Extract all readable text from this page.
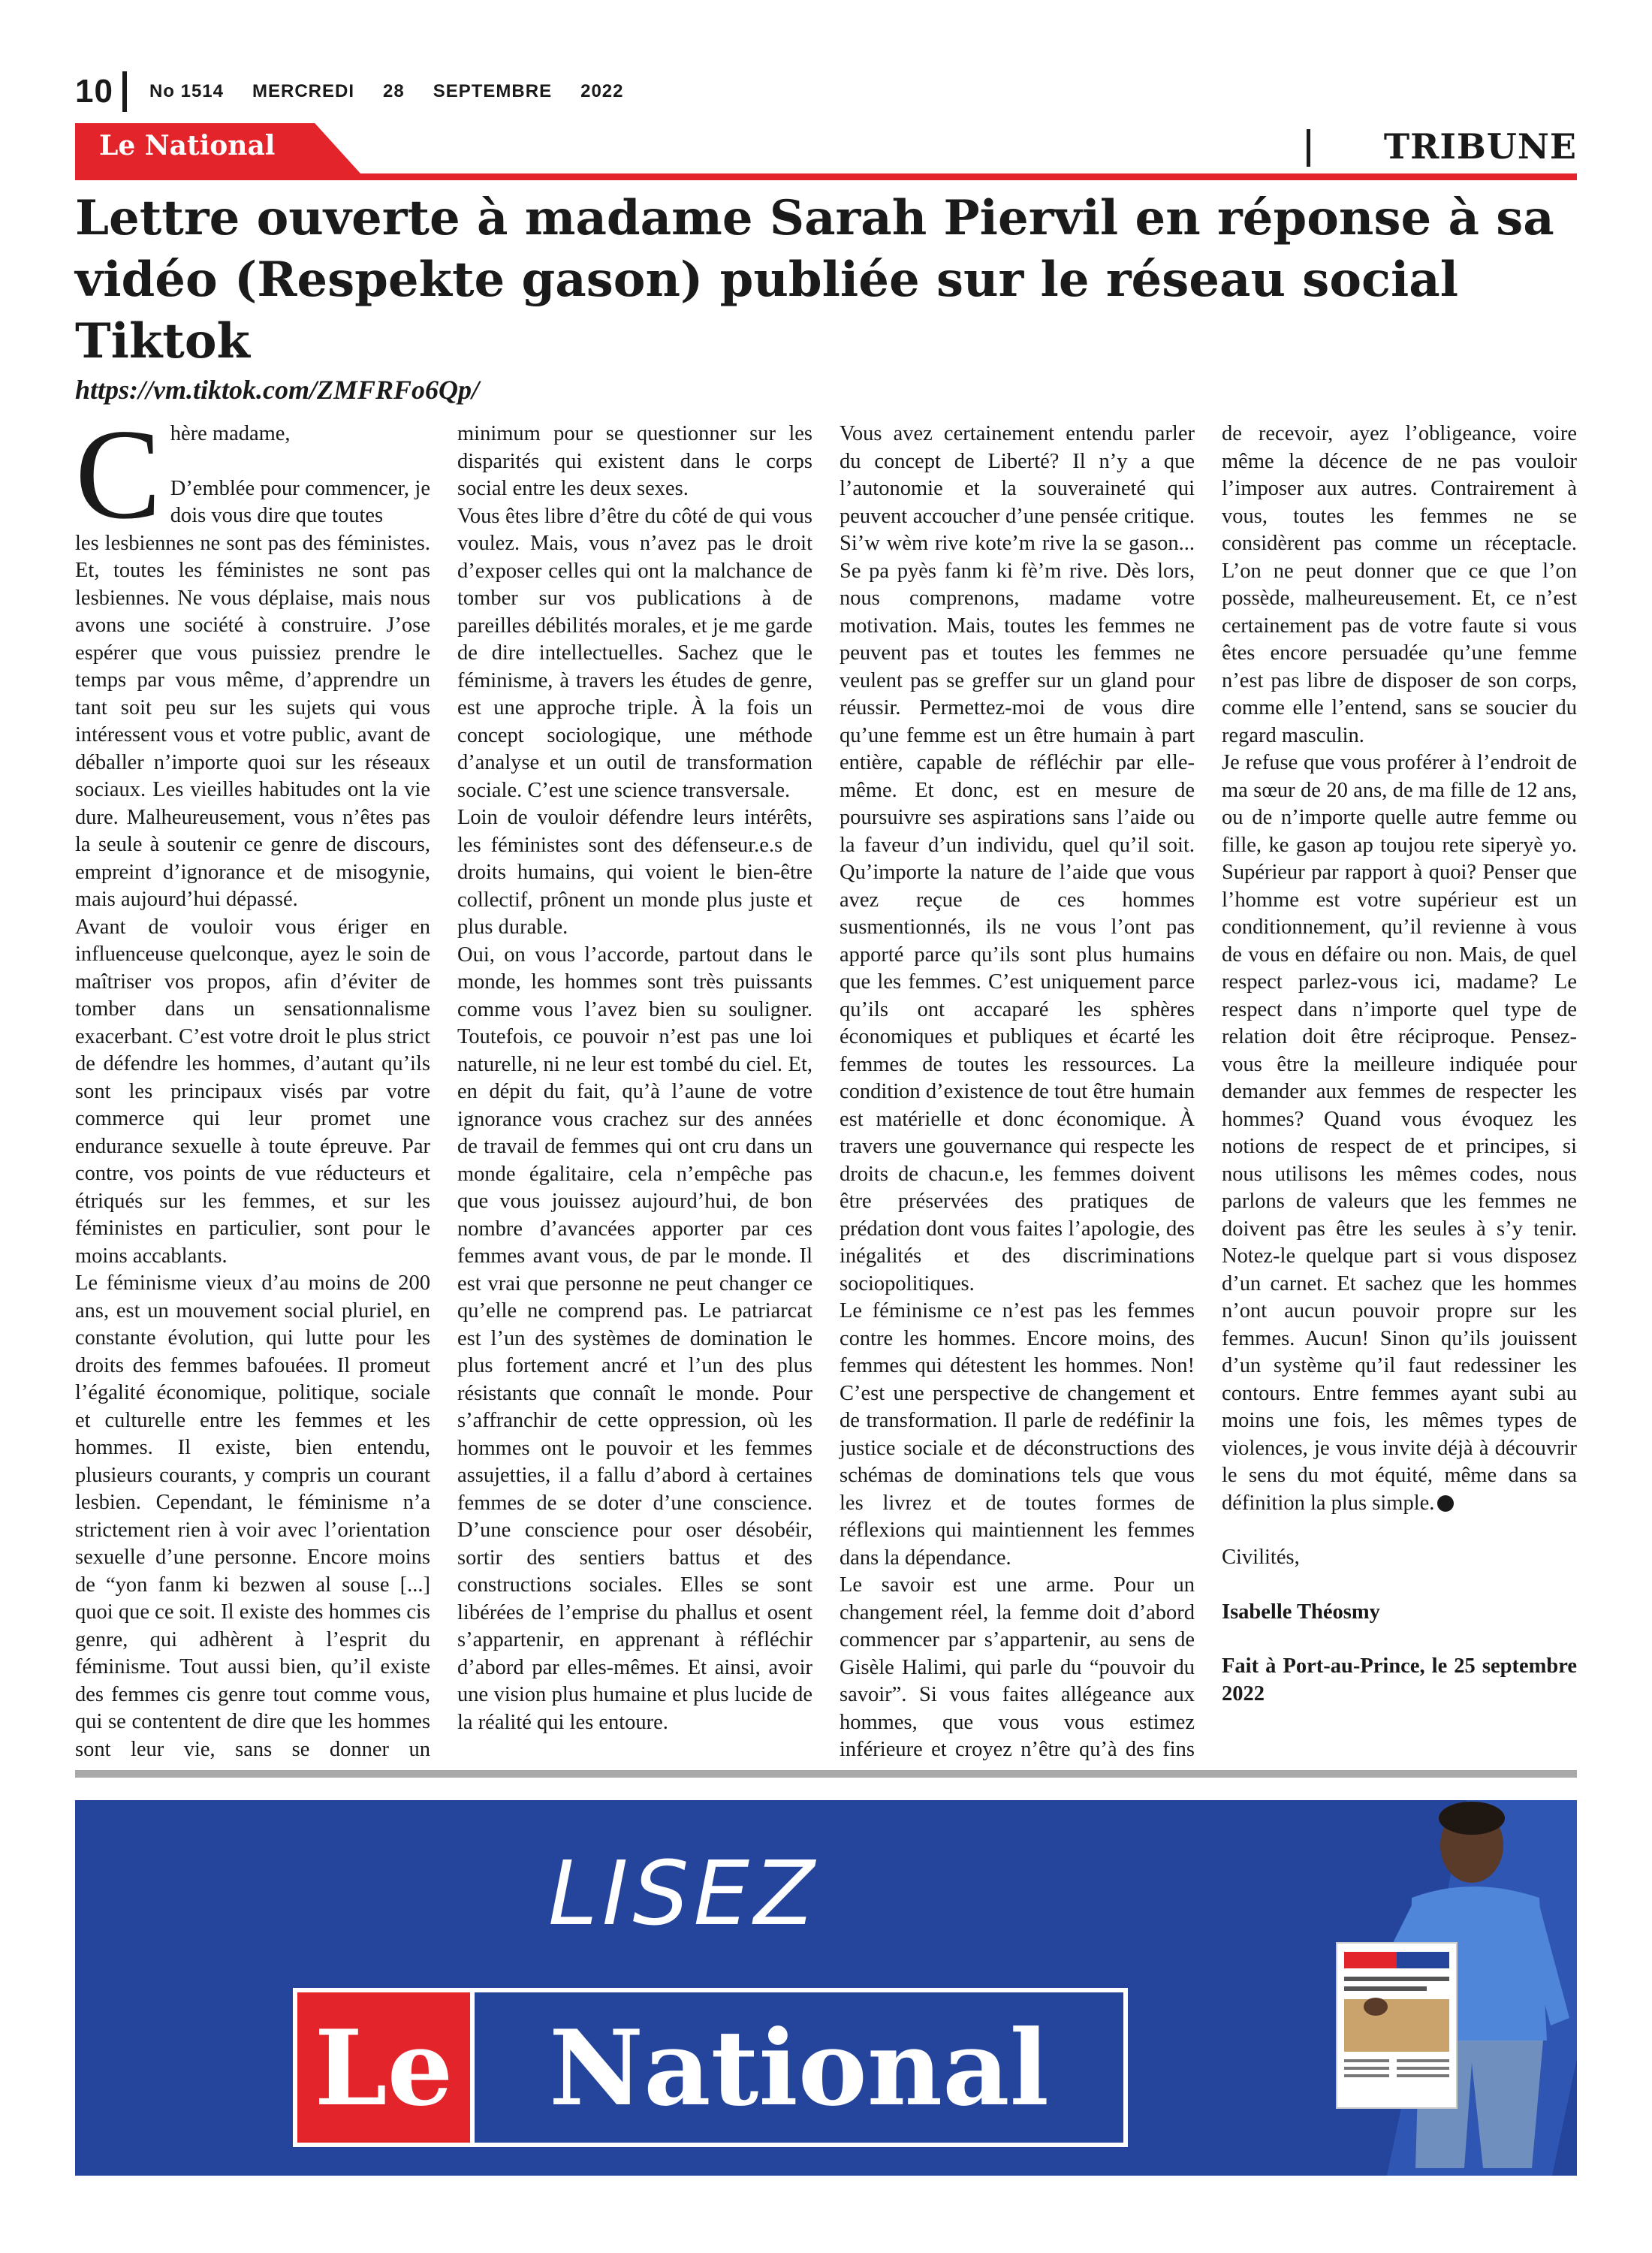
10 No 1514 MERCREDI 28 SEPTEMBRE 2022
Le National	TRIBUNE
Lettre ouverte à madame Sarah Piervil en réponse à sa vidéo (Respekte gason) publiée sur le réseau social Tiktok
https://vm.tiktok.com/ZMFRFo6Qp/

Chère madame,

D’emblée pour commencer, je dois vous dire que toutes
les lesbiennes ne sont pas des féministes. Et, toutes les féministes ne sont pas lesbiennes. Ne vous déplaise, mais nous avons une société à construire. J’ose espérer que vous puissiez prendre le temps par vous même, d’apprendre un tant soit peu sur les sujets qui vous intéressent vous et votre public, avant de déballer n’importe quoi sur les réseaux sociaux. Les vieilles habitudes ont la vie dure. Malheureusement, vous n’êtes pas la seule à soutenir ce genre de discours, empreint d’ignorance et de misogynie, mais aujourd’hui dépassé.

Avant de vouloir vous ériger en influenceuse quelconque, ayez le soin de maîtriser vos propos, afin d’éviter de tomber dans un sensationnalisme exacerbant. C’est votre droit le plus strict de défendre les hommes, d’autant qu’ils sont les principaux visés par votre commerce qui leur promet une endurance sexuelle à toute épreuve. Par contre, vos points de vue réducteurs et étriqués sur les femmes, et sur les féministes en particulier, sont pour le moins accablants.

Le féminisme vieux d’au moins de 200 ans, est un mouvement social pluriel, en constante évolution, qui lutte pour les droits des femmes bafouées. Il promeut l’égalité économique, politique, sociale et culturelle entre les femmes et les hommes. Il existe, bien entendu, plusieurs courants, y compris un courant lesbien. Cependant, le féminisme n’a strictement rien à voir avec l’orientation sexuelle d’une personne. Encore moins de “yon fanm ki bezwen al souse [...] quoi que ce soit. Il existe des hommes cis genre, qui adhèrent à l’esprit du féminisme. Tout aussi bien, qu’il existe des femmes cis genre tout comme vous, qui se contentent de dire que les hommes sont leur vie, sans se donner un minimum pour se questionner sur les disparités qui existent dans le corps social entre les deux sexes.

Vous êtes libre d’être du côté de qui vous voulez. Mais, vous n’avez pas le droit d’exposer celles qui ont la malchance de tomber sur vos publications à de pareilles débilités morales, et je me garde de dire intellectuelles. Sachez que le féminisme, à travers les études de genre, est une approche triple. À la fois un concept sociologique, une méthode d’analyse et un outil de transformation sociale. C’est une science transversale.

Loin de vouloir défendre leurs intérêts, les féministes sont des défenseur.e.s de droits humains, qui voient le bien-être collectif, prônent un monde plus juste et plus durable.

Oui, on vous l’accorde, partout dans le monde, les hommes sont très puissants comme vous l’avez bien su souligner. Toutefois, ce pouvoir n’est pas une loi naturelle, ni ne leur est tombé du ciel. Et, en dépit du fait, qu’à l’aune de votre ignorance vous crachez sur des années de travail de femmes qui ont cru dans un monde égalitaire, cela n’empêche pas que vous jouissez aujourd’hui, de bon nombre d’avancées apporter par ces femmes avant vous, de par le monde. Il est vrai que personne ne peut changer ce qu’elle ne comprend pas. Le patriarcat est l’un des systèmes de domination le plus fortement ancré et l’un des plus résistants que connaît le monde. Pour s’affranchir de cette oppression, où les hommes ont le pouvoir et les femmes assujetties, il a fallu d’abord à certaines femmes de se doter d’une conscience. D’une conscience pour oser désobéir, sortir des sentiers battus et des constructions sociales. Elles se sont libérées de l’emprise du phallus et osent s’appartenir, en apprenant à réfléchir d’abord par elles-mêmes. Et ainsi, avoir une vision plus humaine et plus lucide de la réalité qui les entoure.

Vous avez certainement entendu parler du concept de Liberté? Il n’y a que l’autonomie et la souveraineté qui peuvent accoucher d’une pensée critique. Si’w wèm rive kote’m rive la se gason... Se pa pyès fanm ki fè’m rive. Dès lors, nous comprenons, madame votre motivation. Mais, toutes les femmes ne peuvent pas et toutes les femmes ne veulent pas se greffer sur un gland pour réussir. Permettez-moi de vous dire qu’une femme est un être humain à part entière, capable de réfléchir par elle-même. Et donc, est en mesure de poursuivre ses aspirations sans l’aide ou la faveur d’un individu, quel qu’il soit. Qu’importe la nature de l’aide que vous avez reçue de ces hommes susmentionnés, ils ne vous l’ont pas apporté parce qu’ils sont plus humains que les femmes. C’est uniquement parce qu’ils ont accaparé les sphères économiques et publiques et écarté les femmes de toutes les ressources. La condition d’existence de tout être humain est matérielle et donc économique. À travers une gouvernance qui respecte les droits de chacun.e, les femmes doivent être préservées des pratiques de prédation dont vous faites l’apologie, des inégalités et des discriminations sociopolitiques.

Le féminisme ce n’est pas les femmes contre les hommes. Encore moins, des femmes qui détestent les hommes. Non! C’est une perspective de changement et de transformation. Il parle de redéfinir la justice sociale et de déconstructions des schémas de dominations tels que vous les livrez et de toutes formes de réflexions qui maintiennent les femmes dans la dépendance.

Le savoir est une arme. Pour un changement réel, la femme doit d’abord commencer par s’appartenir, au sens de Gisèle Halimi, qui parle du “pouvoir du savoir”. Si vous faites allégeance aux hommes, que vous vous estimez inférieure et croyez n’être qu’à des fins de recevoir, ayez l’obligeance, voire même la décence de ne pas vouloir l’imposer aux autres. Contrairement à vous, toutes les femmes ne se considèrent pas comme un réceptacle. L’on ne peut donner que ce que l’on possède, malheureusement. Et, ce n’est certainement pas de votre faute si vous êtes encore persuadée qu’une femme n’est pas libre de disposer de son corps, comme elle l’entend, sans se soucier du regard masculin.

Je refuse que vous proférer à l’endroit de ma sœur de 20 ans, de ma fille de 12 ans, ou de n’importe quelle autre femme ou fille, ke gason ap toujou rete siperyè yo. Supérieur par rapport à quoi? Penser que l’homme est votre supérieur est un conditionnement, qu’il revienne à vous de vous en défaire ou non. Mais, de quel respect parlez-vous ici, madame? Le respect dans n’importe quel type de relation doit être réciproque. Pensez-vous être la meilleure indiquée pour demander aux femmes de respecter les hommes? Quand vous évoquez les notions de respect de et principes, si nous utilisons les mêmes codes, nous parlons de valeurs que les femmes ne doivent pas être les seules à s’y tenir. Notez-le quelque part si vous disposez d’un carnet. Et sachez que les hommes n’ont aucun pouvoir propre sur les femmes. Aucun! Sinon qu’ils jouissent d’un système qu’il faut redessiner les contours. Entre femmes ayant subi au moins une fois, les mêmes types de violences, je vous invite déjà à découvrir le sens du mot équité, même dans sa définition la plus simple.

Civilités,

Isabelle Théosmy

Fait à Port-au-Prince, le 25 septembre 2022

LISEZ
Le National
